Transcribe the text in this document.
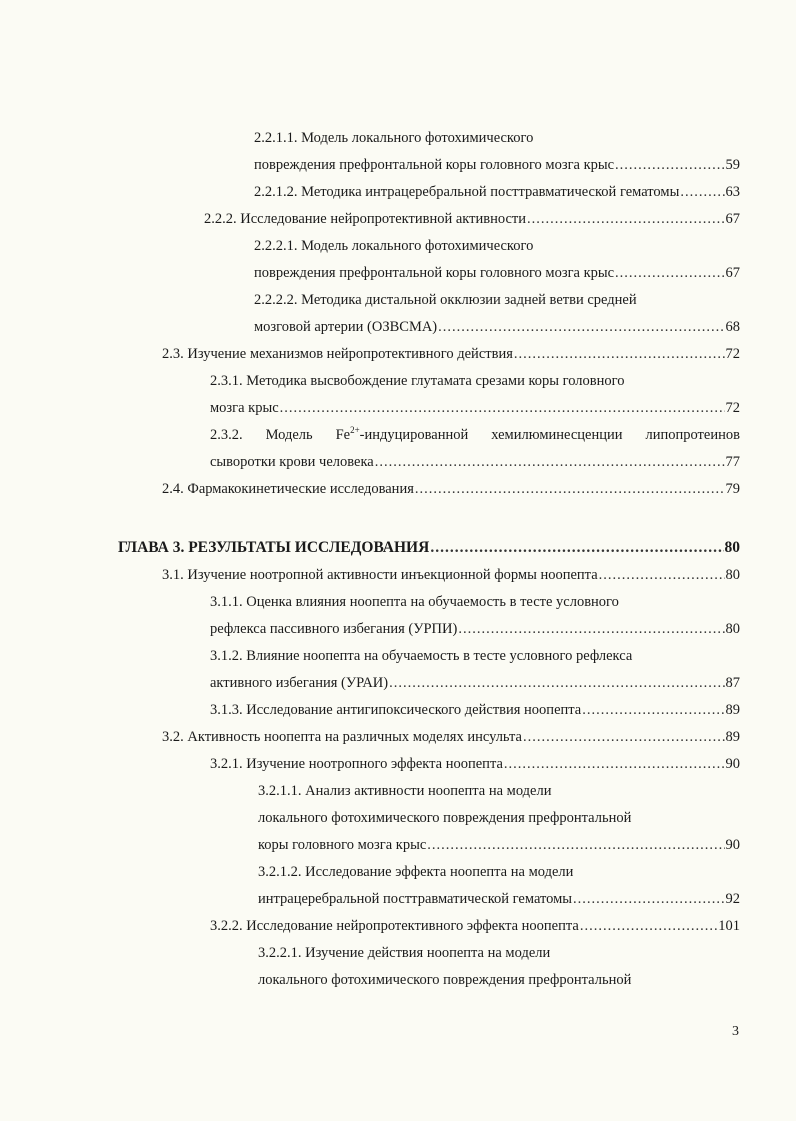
2.2.1.1. Модель локального фотохимического
повреждения префронтальной коры головного мозга крыс .....	59
2.2.1.2. Методика интрацеребральной посттравматической гематомы .....	63
2.2.2. Исследование нейропротективной активности .....	67
2.2.2.1. Модель локального фотохимического
повреждения префронтальной коры головного мозга крыс .....	67
2.2.2.2. Методика дистальной окклюзии задней ветви средней
мозговой артерии (ОЗВСМА) .....	68
2.3. Изучение механизмов нейропротективного действия .....	72
2.3.1. Методика высвобождение глутамата срезами коры головного
мозга крыс .....	72
2.3.2. Модель $Fe^{2+}$-индуцированной хемилюминесценции липопротеинов
сыворотки крови человека .....	77
2.4. Фармакокинетические исследования .....	79
ГЛАВА 3. РЕЗУЛЬТАТЫ ИССЛЕДОВАНИЯ .....	80
3.1. Изучение ноотропной активности инъекционной формы ноопепта .....	80
3.1.1. Оценка влияния ноопепта на обучаемость в тесте условного
рефлекса пассивного избегания (УРПИ) .....	80
3.1.2. Влияние ноопепта на обучаемость в тесте условного рефлекса
активного избегания (УРАИ) .....	87
3.1.3. Исследование антигипоксического действия ноопепта .....	89
3.2. Активность ноопепта на различных моделях инсульта .....	89
3.2.1. Изучение ноотропного эффекта ноопепта .....	90
3.2.1.1. Анализ активности ноопепта на модели
локального фотохимического повреждения префронтальной
коры головного мозга крыс .....	90
3.2.1.2. Исследование эффекта ноопепта на модели
интрацеребральной посттравматической гематомы .....	92
3.2.2. Исследование нейропротективного эффекта ноопепта .....	101
3.2.2.1. Изучение действия ноопепта на модели
локального фотохимического повреждения префронтальной
3
